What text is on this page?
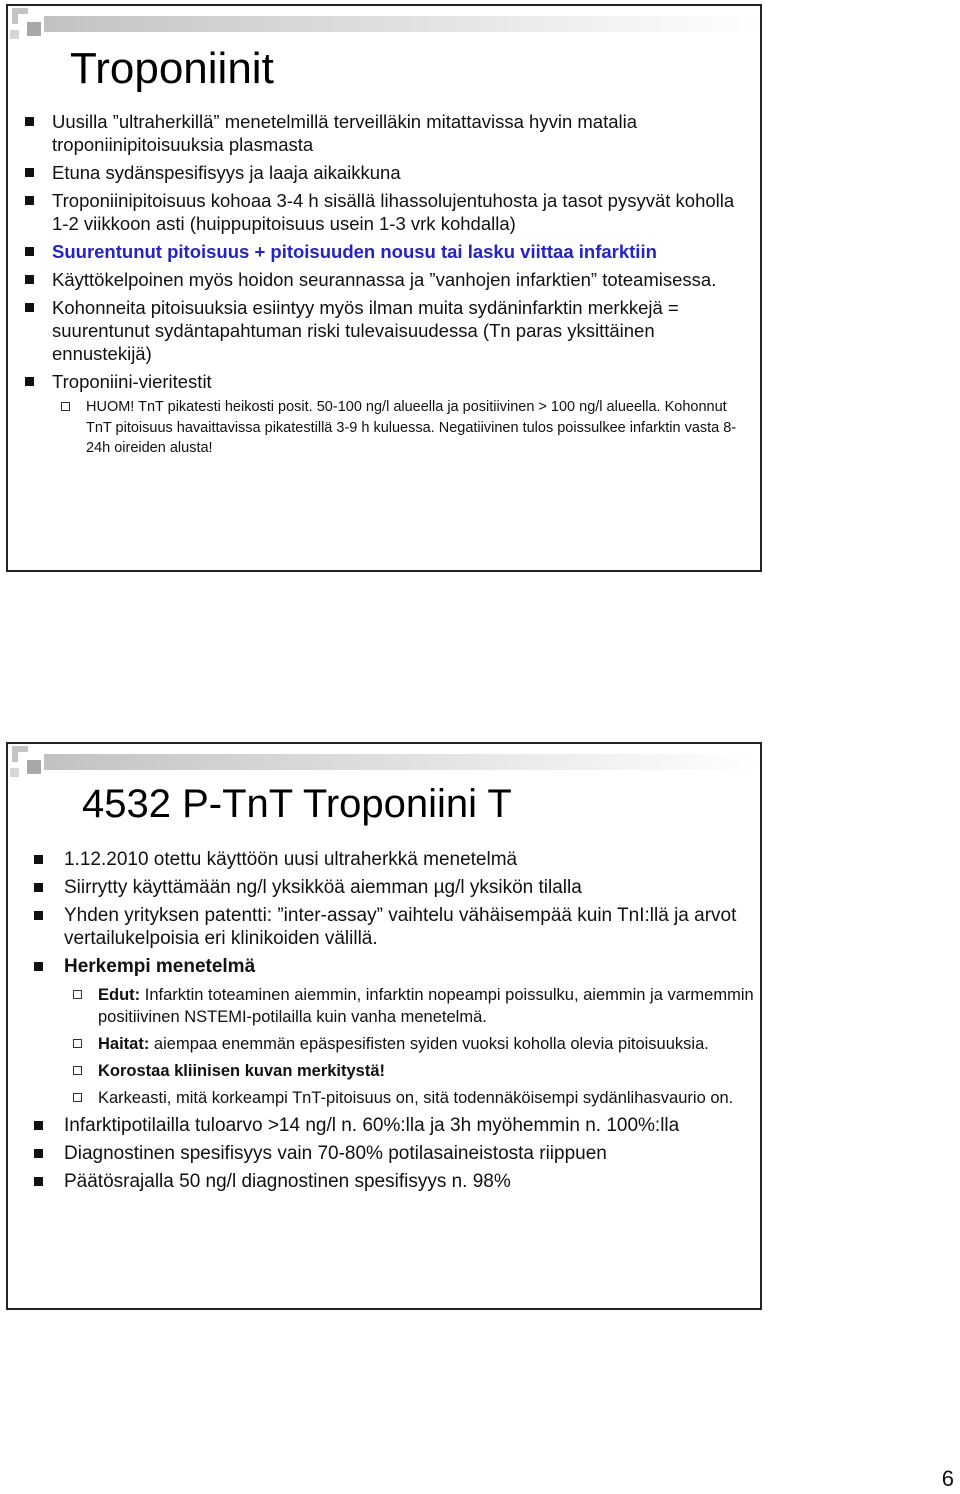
Troponiinit
Uusilla ”ultraherkillä” menetelmillä terveilläkin mitattavissa hyvin matalia troponiinipitoisuuksia plasmasta
Etuna sydänspesifisyys ja laaja aikaikkuna
Troponiinipitoisuus kohoaa 3-4 h sisällä lihassolujentuhosta ja tasot pysyvät koholla 1-2 viikkoon asti (huippupitoisuus usein 1-3 vrk kohdalla)
Suurentunut pitoisuus + pitoisuuden nousu tai lasku viittaa infarktiin
Käyttökelpoinen myös hoidon seurannassa ja ”vanhojen infarktien” toteamisessa.
Kohonneita pitoisuuksia esiintyy myös ilman muita sydäninfarktin merkkejä = suurentunut sydäntapahtuman riski tulevaisuudessa (Tn paras yksittäinen ennustekijä)
Troponiini-vieritestit
HUOM! TnT pikatesti heikosti posit. 50-100 ng/l alueella ja positiivinen > 100 ng/l alueella. Kohonnut TnT pitoisuus havaittavissa pikatestillä 3-9 h kuluessa. Negatiivinen tulos poissulkee infarktin vasta 8-24h oireiden alusta!
4532 P-TnT Troponiini T
1.12.2010 otettu käyttöön uusi ultraherkkä menetelmä
Siirrytty käyttämään ng/l yksikköä aiemman µg/l yksikön tilalla
Yhden yrityksen patentti: ”inter-assay” vaihtelu vähäisempää kuin TnI:llä ja arvot vertailukelpoisia eri klinikoiden välillä.
Herkempi menetelmä
Edut: Infarktin toteaminen aiemmin, infarktin nopeampi poissulku, aiemmin ja varmemmin positiivinen NSTEMI-potilailla kuin vanha menetelmä.
Haitat: aiempaa enemmän epäspesifisten syiden vuoksi koholla olevia pitoisuuksia.
Korostaa kliinisen kuvan merkitystä!
Karkeasti, mitä korkeampi TnT-pitoisuus on, sitä todennäköisempi sydänlihasvaurio on.
Infarktipotilailla tuloarvo >14 ng/l n. 60%:lla ja 3h myöhemmin n. 100%:lla
Diagnostinen spesifisyys vain 70-80% potilasaineistosta riippuen
Päätösrajalla 50 ng/l diagnostinen spesifisyys n. 98%
6
